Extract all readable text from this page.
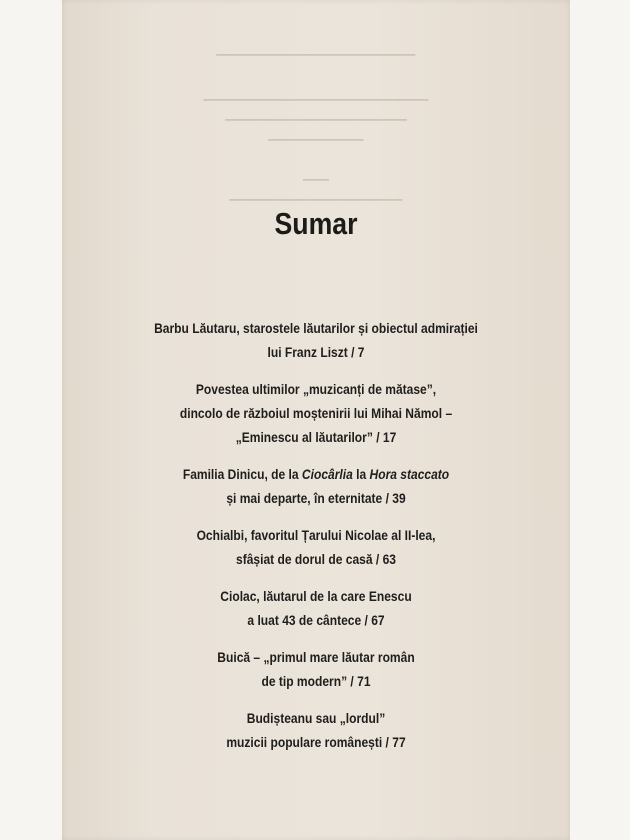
▁▁▁▁▁▁▁▁▁▁▁▁▁▁▁▁▁▁▁▁▁▁▁
▁▁▁▁▁▁▁▁▁▁▁▁▁▁▁▁▁▁▁▁▁▁▁▁▁▁
▁▁▁▁▁▁▁▁▁▁▁▁▁▁▁▁▁▁▁▁▁
▁▁▁▁▁▁▁▁▁▁▁
▁▁▁
▁▁▁▁▁▁▁▁▁▁▁▁▁▁▁▁▁▁▁▁
Sumar
Barbu Lăutaru, starostele lăutarilor și obiectul admirației
lui Franz Liszt / 7
Povestea ultimilor „muzicanți de mătase”,
dincolo de războiul moștenirii lui Mihai Nămol –
„Eminescu al lăutarilor” / 17
Familia Dinicu, de la Ciocârlia la Hora staccato
și mai departe, în eternitate / 39
Ochialbi, favoritul Țarului Nicolae al II-lea,
sfâșiat de dorul de casă / 63
Ciolac, lăutarul de la care Enescu
a luat 43 de cântece / 67
Buică – „primul mare lăutar român
de tip modern” / 71
Budișteanu sau „lordul”
muzicii populare românești / 77
